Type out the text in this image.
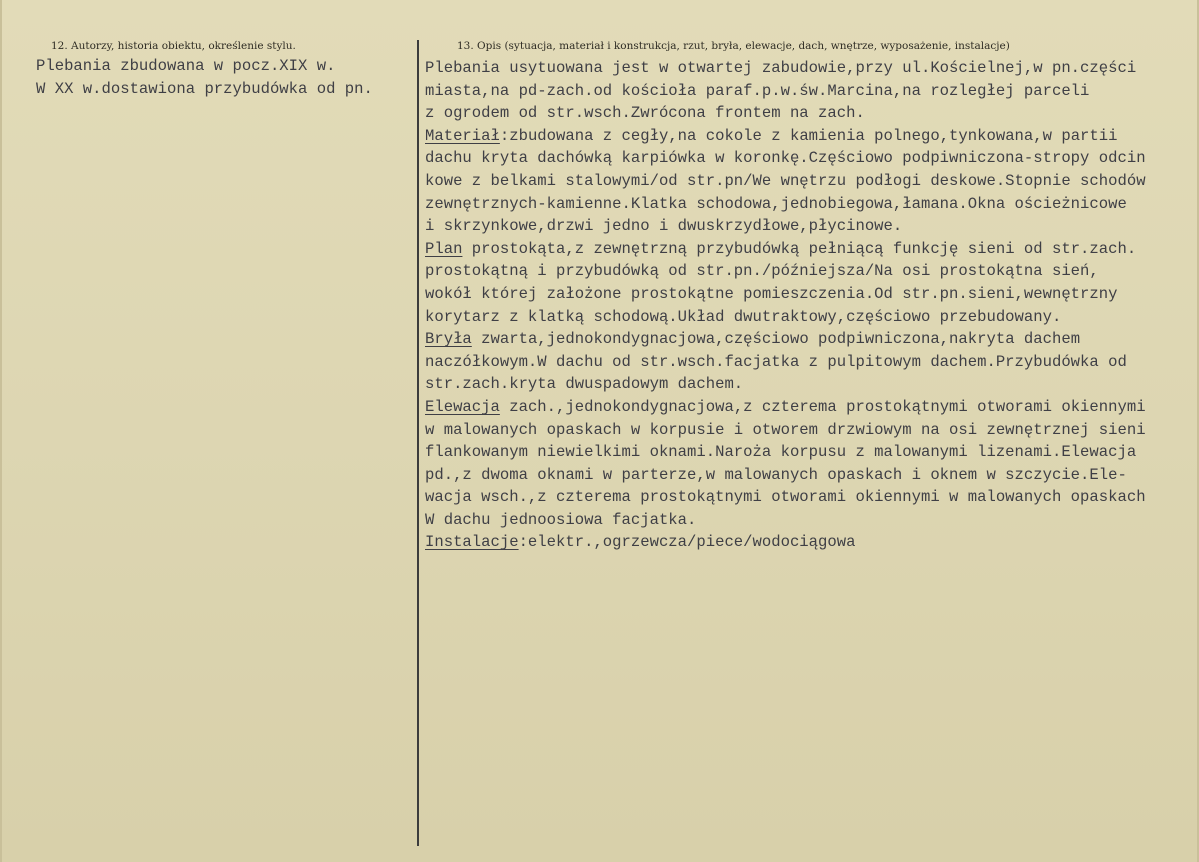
12. Autorzy, historia obiektu, określenie stylu.	13. Opis (sytuacja, materiał i konstrukcja, rzut, bryła, elewacje, dach, wnętrze, wyposażenie, instalacje)
Plebania zbudowana w pocz.XIX w.
W XX w.dostawiona przybudówka od pn.
Plebania usytuowana jest w otwartej zabudowie,przy ul.Kościelnej,w pn.części
miasta,na pd-zach.od kościoła paraf.p.w.św.Marcina,na rozległej parceli
z ogrodem od str.wsch.Zwrócona frontem na zach.
Materiał:zbudowana z cegły,na cokole z kamienia polnego,tynkowana,w partii
dachu kryta dachówką karpiówka w koronkę.Częściowo podpiwniczona-stropy odcin
kowe z belkami stalowymi/od str.pn/We wnętrzu podłogi deskowe.Stopnie schodów
zewnętrznych-kamienne.Klatka schodowa,jednobiegowa,łamana.Okna ościeżnicowe
i skrzynkowe,drzwi jedno i dwuskrzydłowe,płycinowe.
Plan prostokąta,z zewnętrzną przybudówką pełniącą funkcję sieni od str.zach.
prostokątną i przybudówką od str.pn./późniejsza/Na osi prostokątna sień,
wokół której założone prostokątne pomieszczenia.Od str.pn.sieni,wewnętrzny
korytarz z klatką schodową.Układ dwutraktowy,częściowo przebudowany.
Bryła zwarta,jednokondygnacjowa,częściowo podpiwniczona,nakryta dachem
naczółkowym.W dachu od str.wsch.facjatka z pulpitowym dachem.Przybudówka od
str.zach.kryta dwuspadowym dachem.
Elewacja zach.,jednokondygnacjowa,z czterema prostokątnymi otworami okiennymi
w malowanych opaskach w korpusie i otworem drzwiowym na osi zewnętrznej sieni
flankowanym niewielkimi oknami.Naroża korpusu z malowanymi lizenami.Elewacja
pd.,z dwoma oknami w parterze,w malowanych opaskach i oknem w szczycie.Ele-
wacja wsch.,z czterema prostokątnymi otworami okiennymi w malowanych opaskach
W dachu jednoosiowa facjatka.
Instalacje:elektr.,ogrzewcza/piece/wodociągowa
